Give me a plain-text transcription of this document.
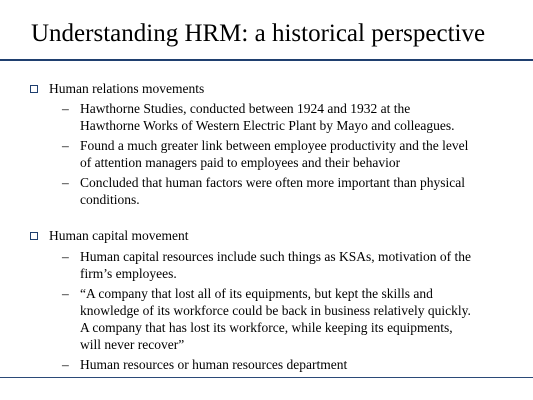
Understanding HRM: a historical perspective
Human relations movements
– Hawthorne Studies, conducted between 1924 and 1932 at the
Hawthorne Works of Western Electric Plant by Mayo and colleagues.
– Found a much greater link between employee productivity and the level
of attention managers paid to employees and their behavior
– Concluded that human factors were often more important than physical
conditions.
Human capital movement
– Human capital resources include such things as KSAs, motivation of the
firm’s employees.
– “A company that lost all of its equipments, but kept the skills and
knowledge of its workforce could be back in business relatively quickly.
A company that has lost its workforce, while keeping its equipments,
will never recover”
– Human resources or human resources department
